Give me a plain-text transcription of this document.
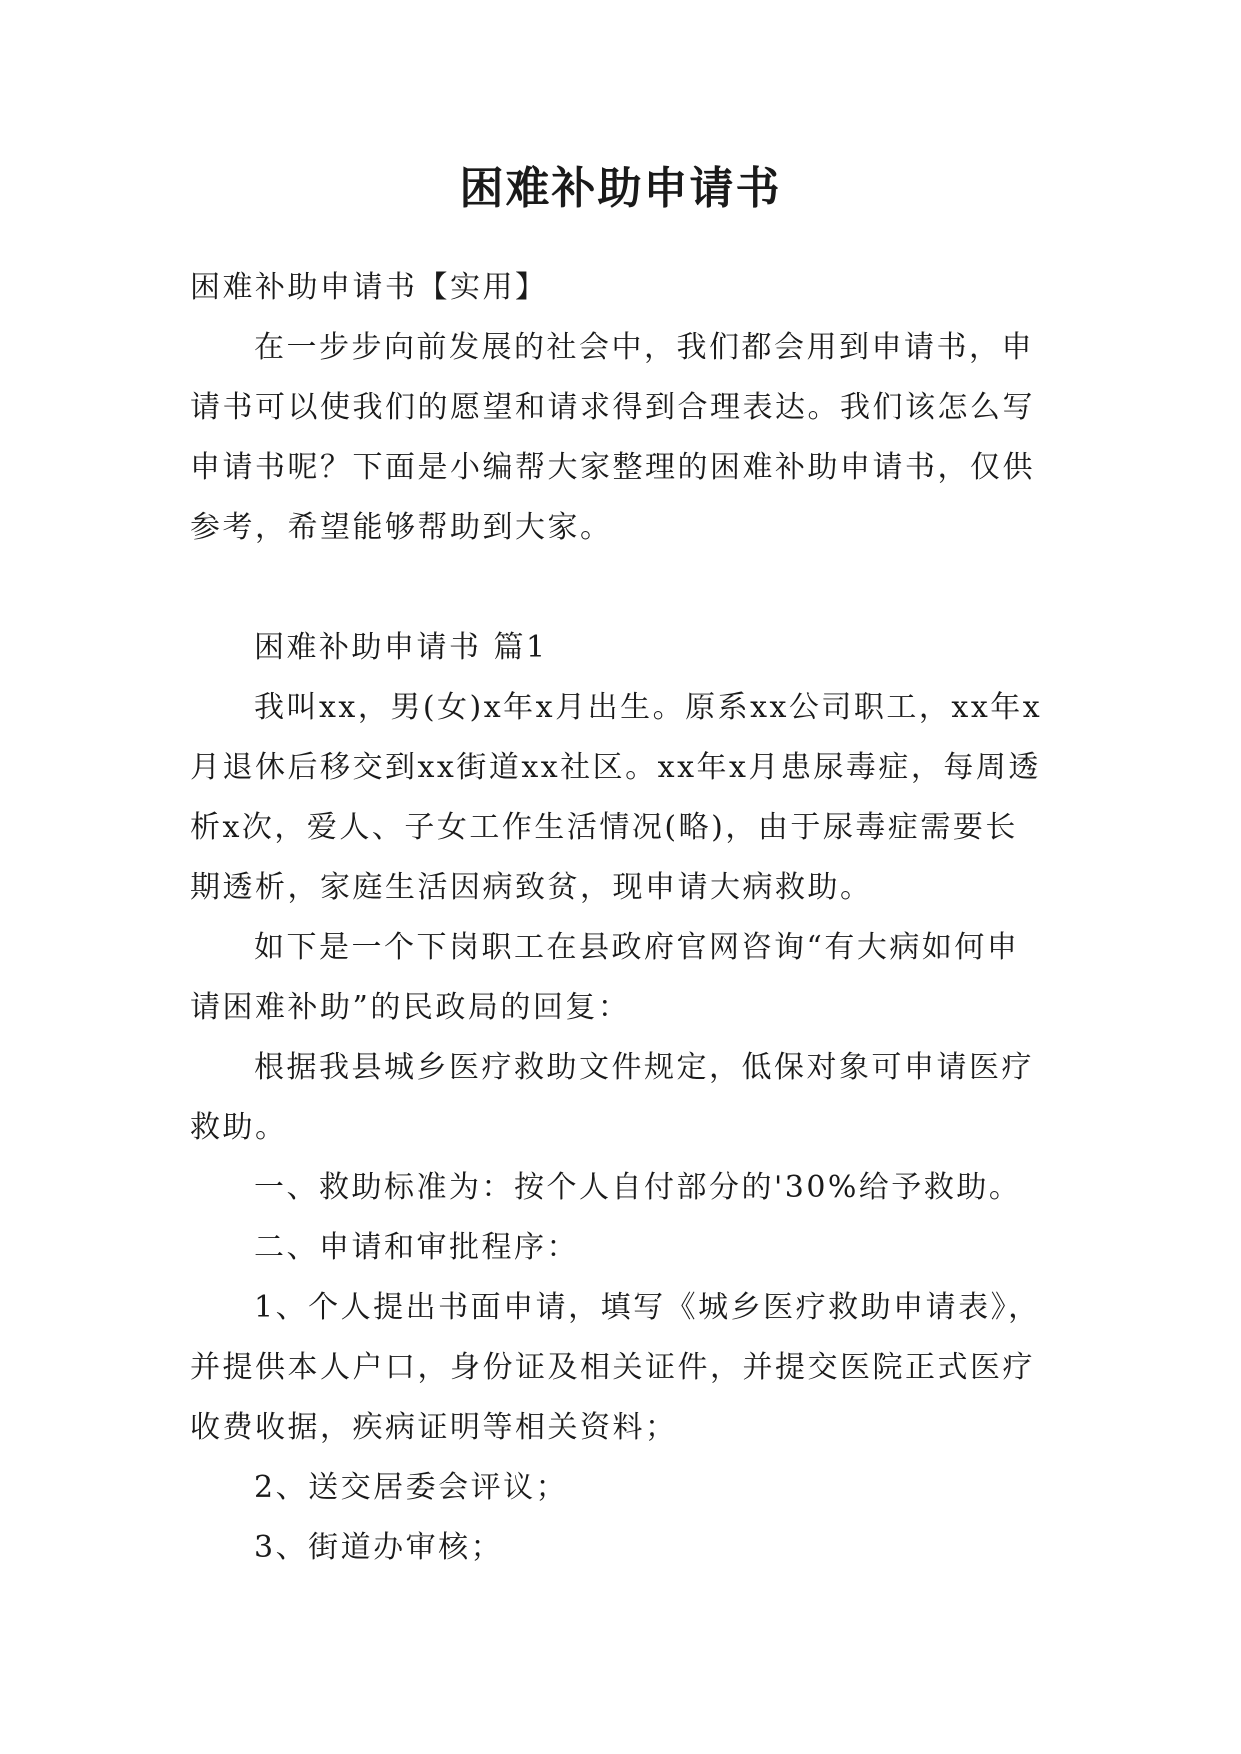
困难补助申请书

困难补助申请书【实用】

在一步步向前发展的社会中，我们都会用到申请书，申请书可以使我们的愿望和请求得到合理表达。我们该怎么写申请书呢？下面是小编帮大家整理的困难补助申请书，仅供参考，希望能够帮助到大家。

困难补助申请书 篇1

我叫xx，男(女)x年x月出生。原系xx公司职工，xx年x月退休后移交到xx街道xx社区。xx年x月患尿毒症，每周透析x次，爱人、子女工作生活情况(略)，由于尿毒症需要长期透析，家庭生活因病致贫，现申请大病救助。

如下是一个下岗职工在县政府官网咨询“有大病如何申请困难补助”的民政局的回复：

根据我县城乡医疗救助文件规定，低保对象可申请医疗救助。

一、救助标准为：按个人自付部分的'30%给予救助。

二、申请和审批程序：

1、个人提出书面申请，填写《城乡医疗救助申请表》，并提供本人户口，身份证及相关证件，并提交医院正式医疗收费收据，疾病证明等相关资料；

2、送交居委会评议；

3、街道办审核；
